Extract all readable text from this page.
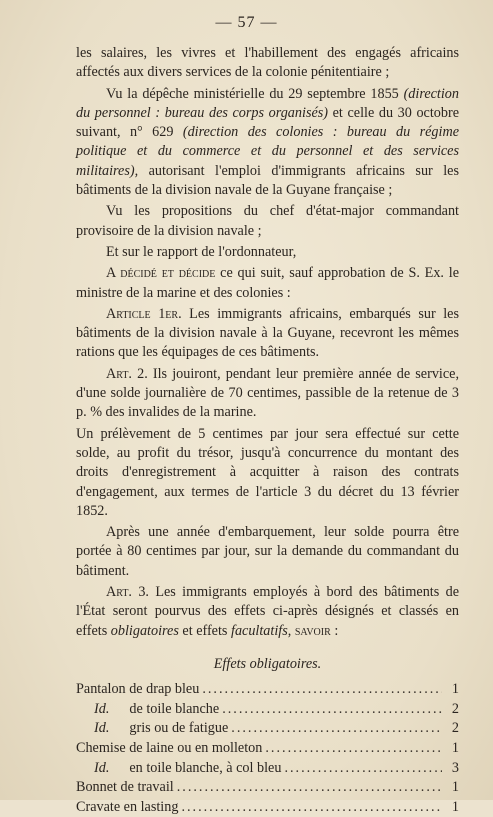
— 57 —

les salaires, les vivres et l'habillement des engagés africains affectés aux divers services de la colonie pénitentiaire ;

Vu la dépêche ministérielle du 29 septembre 1855 (direction du personnel : bureau des corps organisés) et celle du 30 octobre suivant, n° 629 (direction des colonies : bureau du régime politique et du commerce et du personnel et des services militaires), autorisant l'emploi d'immigrants africains sur les bâtiments de la division navale de la Guyane française ;

Vu les propositions du chef d'état-major commandant provisoire de la division navale ;

Et sur le rapport de l'ordonnateur,

A décidé et décide ce qui suit, sauf approbation de S. Ex. le ministre de la marine et des colonies :

Article 1er. Les immigrants africains, embarqués sur les bâtiments de la division navale à la Guyane, recevront les mêmes rations que les équipages de ces bâtiments.

Art. 2. Ils jouiront, pendant leur première année de service, d'une solde journalière de 70 centimes, passible de la retenue de 3 p. % des invalides de la marine.

Un prélèvement de 5 centimes par jour sera effectué sur cette solde, au profit du trésor, jusqu'à concurrence du montant des droits d'enregistrement à acquitter à raison des contrats d'engagement, aux termes de l'article 3 du décret du 13 février 1852.

Après une année d'embarquement, leur solde pourra être portée à 80 centimes par jour, sur la demande du commandant du bâtiment.

Art. 3. Les immigrants employés à bord des bâtiments de l'État seront pourvus des effets ci-après désignés et classés en effets obligatoires et effets facultatifs, savoir :

Effets obligatoires.

Pantalon de drap bleu .....	1
Id. de toile blanche .....	2
Id. gris ou de fatigue .....	2
Chemise de laine ou en molleton .....	1
Id. en toile blanche, à col bleu .....	3
Bonnet de travail .....	1
Cravate en lasting .....	1
